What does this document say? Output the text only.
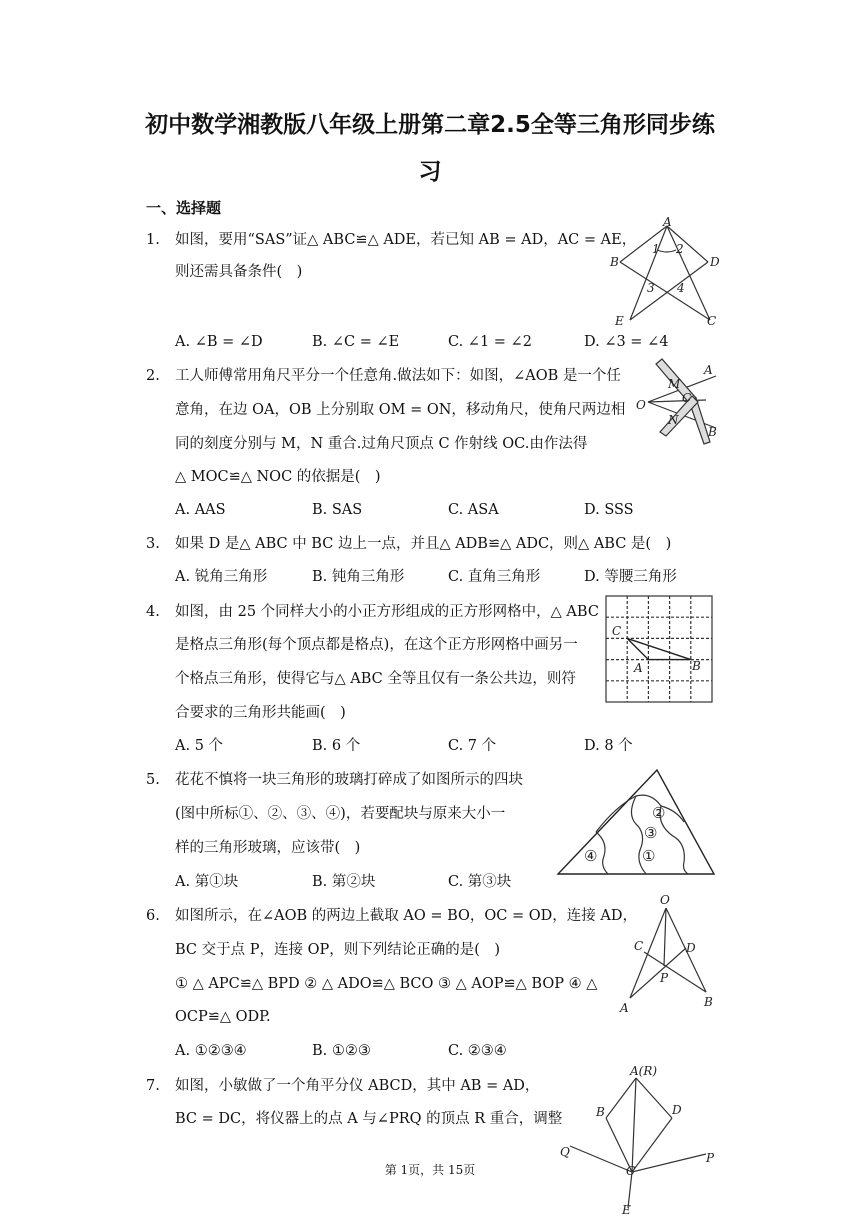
初中数学湘教版八年级上册第二章2.5全等三角形同步练
习
一、选择题
1. 如图，要用“SAS”证△ ABC≌△ ADE，若已知 AB = AD，AC = AE，
则还需具备条件(　)
A. ∠B = ∠D	B. ∠C = ∠E	C. ∠1 = ∠2	D. ∠3 = ∠4
A
B	D
E	C
1 2
3 4
2. 工人师傅常用角尺平分一个任意角.做法如下：如图，∠AOB 是一个任
意角，在边 OA，OB 上分别取 OM = ON，移动角尺，使角尺两边相
同的刻度分别与 M，N 重合.过角尺顶点 C 作射线 OC.由作法得
△ MOC≌△ NOC 的依据是(　)
A. AAS	B. SAS	C. ASA	D. SSS
O
M
N
C
A
B
3. 如果 D 是△ ABC 中 BC 边上一点，并且△ ADB≌△ ADC，则△ ABC 是(　)
A. 锐角三角形	B. 钝角三角形	C. 直角三角形	D. 等腰三角形
4. 如图，由 25 个同样大小的小正方形组成的正方形网格中，△ ABC
是格点三角形(每个顶点都是格点)，在这个正方形网格中画另一
个格点三角形，使得它与△ ABC 全等且仅有一条公共边，则符
合要求的三角形共能画(　)
A. 5 个	B. 6 个	C. 7 个	D. 8 个
C
A	B
5. 花花不慎将一块三角形的玻璃打碎成了如图所示的四块
(图中所标①、②、③、④)，若要配块与原来大小一
样的三角形玻璃，应该带(　)
A. 第①块	B. 第②块	C. 第③块
③
②
①
④
6. 如图所示，在∠AOB 的两边上截取 AO = BO，OC = OD，连接 AD，
BC 交于点 P，连接 OP，则下列结论正确的是(　)
① △ APC≌△ BPD ② △ ADO≌△ BCO ③ △ AOP≌△ BOP ④ △
OCP≌△ ODP.
A. ①②③④	B. ①②③	C. ②③④
O
C	D
P
A	B
7. 如图，小敏做了一个角平分仪 ABCD，其中 AB = AD，
BC = DC，将仪器上的点 A 与∠PRQ 的顶点 R 重合，调整
A(R)
B	D
Q	P
C
E
第 1页，共 15页
